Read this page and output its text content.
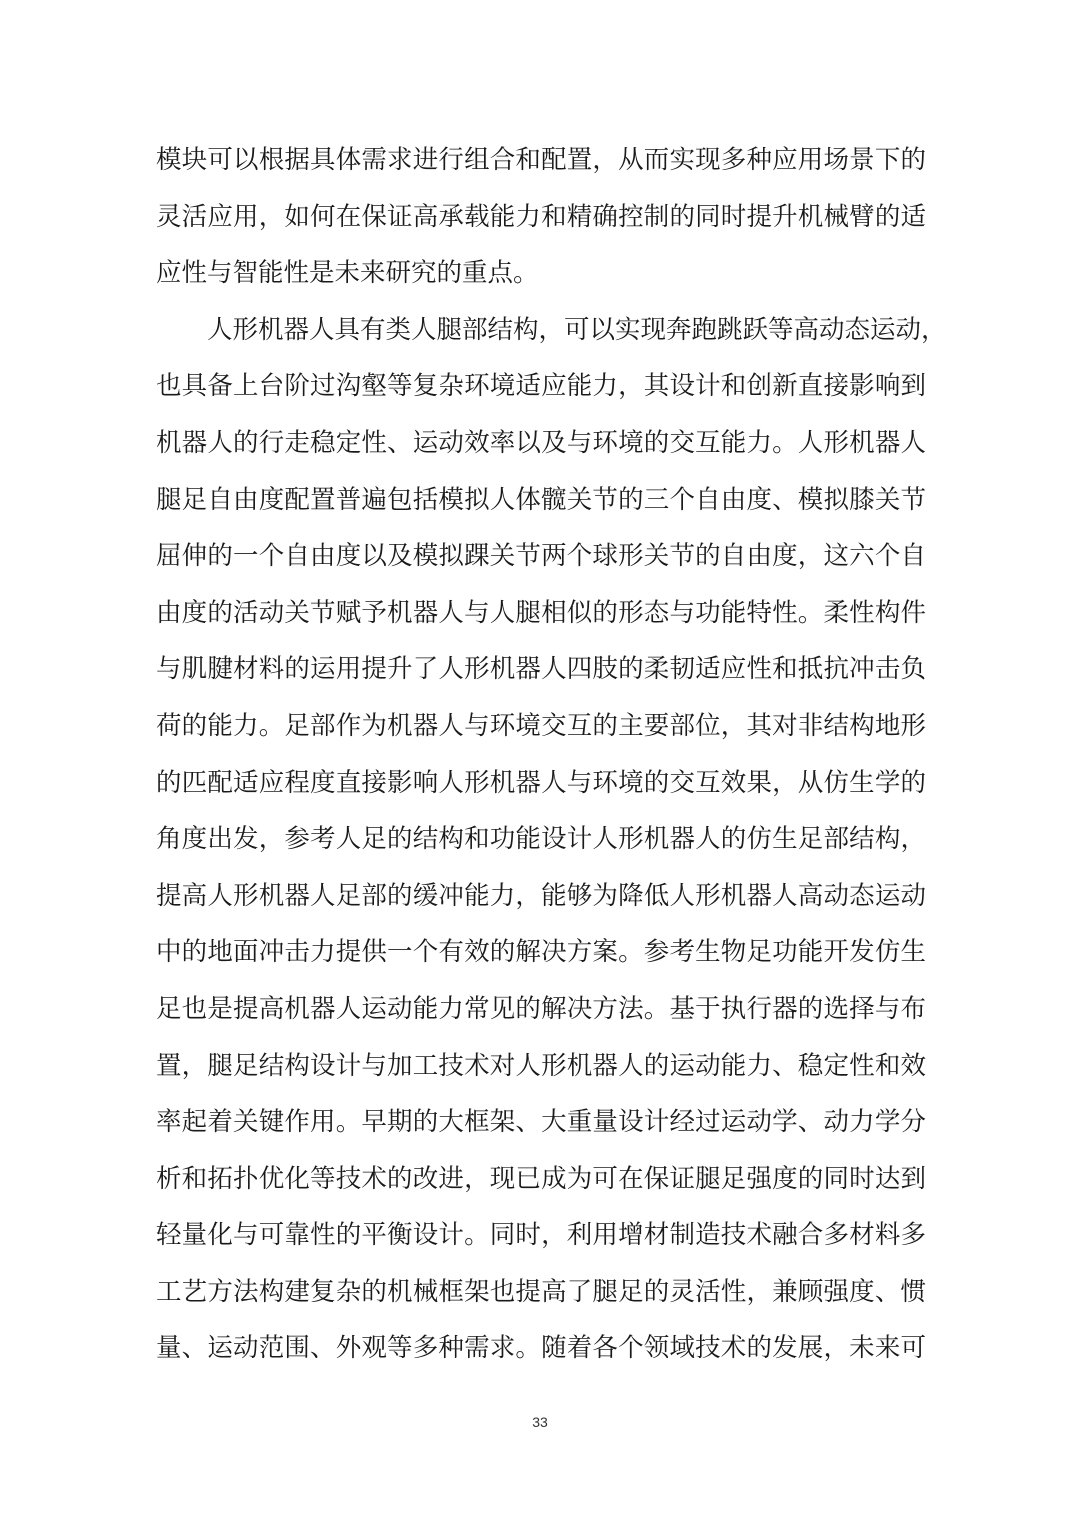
模块可以根据具体需求进行组合和配置，从而实现多种应用场景下的
灵活应用，如何在保证高承载能力和精确控制的同时提升机械臂的适
应性与智能性是未来研究的重点。
人形机器人具有类人腿部结构，可以实现奔跑跳跃等高动态运动，
也具备上台阶过沟壑等复杂环境适应能力，其设计和创新直接影响到
机器人的行走稳定性、运动效率以及与环境的交互能力。人形机器人
腿足自由度配置普遍包括模拟人体髋关节的三个自由度、模拟膝关节
屈伸的一个自由度以及模拟踝关节两个球形关节的自由度，这六个自
由度的活动关节赋予机器人与人腿相似的形态与功能特性。柔性构件
与肌腱材料的运用提升了人形机器人四肢的柔韧适应性和抵抗冲击负
荷的能力。足部作为机器人与环境交互的主要部位，其对非结构地形
的匹配适应程度直接影响人形机器人与环境的交互效果，从仿生学的
角度出发，参考人足的结构和功能设计人形机器人的仿生足部结构，
提高人形机器人足部的缓冲能力，能够为降低人形机器人高动态运动
中的地面冲击力提供一个有效的解决方案。参考生物足功能开发仿生
足也是提高机器人运动能力常见的解决方法。基于执行器的选择与布
置，腿足结构设计与加工技术对人形机器人的运动能力、稳定性和效
率起着关键作用。早期的大框架、大重量设计经过运动学、动力学分
析和拓扑优化等技术的改进，现已成为可在保证腿足强度的同时达到
轻量化与可靠性的平衡设计。同时，利用增材制造技术融合多材料多
工艺方法构建复杂的机械框架也提高了腿足的灵活性，兼顾强度、惯
量、运动范围、外观等多种需求。随着各个领域技术的发展，未来可
33
